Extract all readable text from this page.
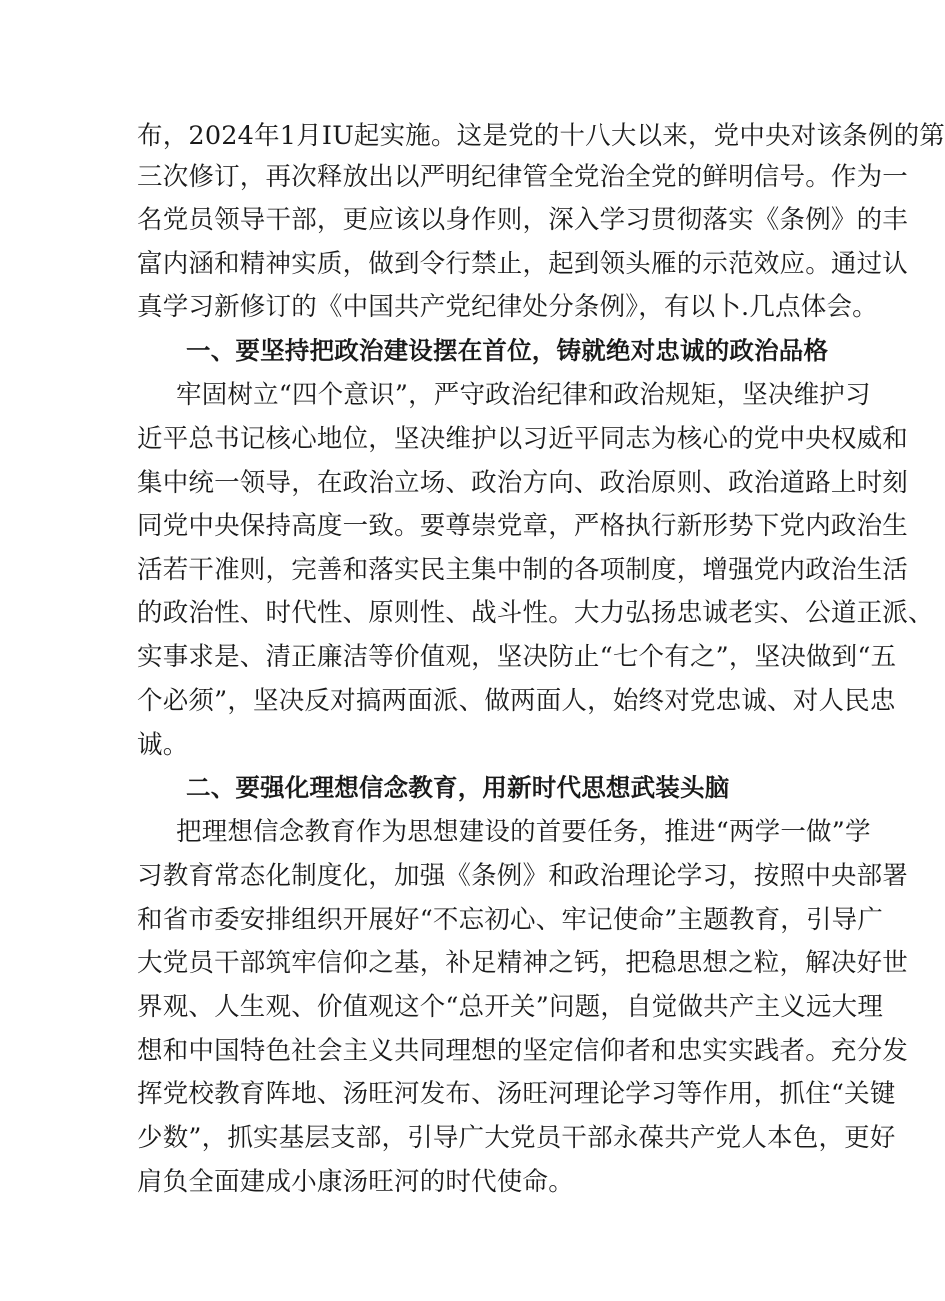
布，2024年1月IU起实施。这是党的十八大以来，党中央对该条例的第
三次修订，再次释放出以严明纪律管全党治全党的鲜明信号。作为一
名党员领导干部，更应该以身作则，深入学习贯彻落实《条例》的丰
富内涵和精神实质，做到令行禁止，起到领头雁的示范效应。通过认
真学习新修订的《中国共产党纪律处分条例》，有以卜.几点体会。
一、要坚持把政治建设摆在首位，铸就绝对忠诚的政治品格
牢固树立“四个意识”，严守政治纪律和政治规矩，坚决维护习
近平总书记核心地位，坚决维护以习近平同志为核心的党中央权威和
集中统一领导，在政治立场、政治方向、政治原则、政治道路上时刻
同党中央保持高度一致。要尊崇党章，严格执行新形势下党内政治生
活若干准则，完善和落实民主集中制的各项制度，增强党内政治生活
的政治性、时代性、原则性、战斗性。大力弘扬忠诚老实、公道正派、
实事求是、清正廉洁等价值观，坚决防止“七个有之”，坚决做到“五
个必须”，坚决反对搞两面派、做两面人，始终对党忠诚、对人民忠
诚。
二、要强化理想信念教育，用新时代思想武装头脑
把理想信念教育作为思想建设的首要任务，推进“两学一做”学
习教育常态化制度化，加强《条例》和政治理论学习，按照中央部署
和省市委安排组织开展好“不忘初心、牢记使命”主题教育，引导广
大党员干部筑牢信仰之基，补足精神之钙，把稳思想之粒，解决好世
界观、人生观、价值观这个“总开关”问题，自觉做共产主义远大理
想和中国特色社会主义共同理想的坚定信仰者和忠实实践者。充分发
挥党校教育阵地、汤旺河发布、汤旺河理论学习等作用，抓住“关键
少数”，抓实基层支部，引导广大党员干部永葆共产党人本色，更好
肩负全面建成小康汤旺河的时代使命。
